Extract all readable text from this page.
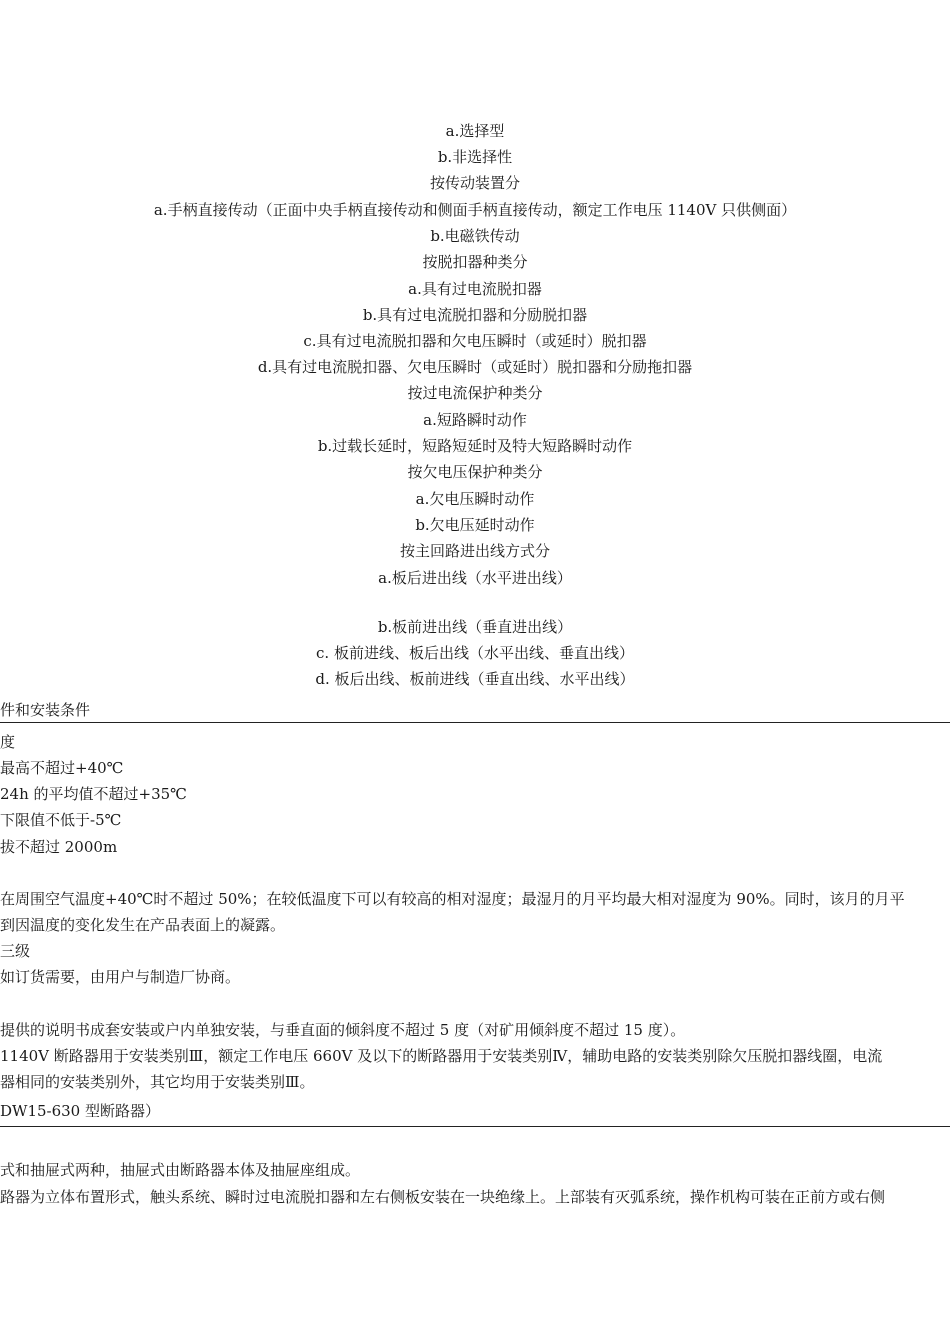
a.选择型
b.非选择性
按传动装置分
a.手柄直接传动（正面中央手柄直接传动和侧面手柄直接传动，额定工作电压 1140V 只供侧面）
b.电磁铁传动
按脱扣器种类分
a.具有过电流脱扣器
b.具有过电流脱扣器和分励脱扣器
c.具有过电流脱扣器和欠电压瞬时（或延时）脱扣器
d.具有过电流脱扣器、欠电压瞬时（或延时）脱扣器和分励拖扣器
按过电流保护种类分
a.短路瞬时动作
b.过载长延时，短路短延时及特大短路瞬时动作
按欠电压保护种类分
a.欠电压瞬时动作
b.欠电压延时动作
按主回路进出线方式分
a.板后进出线（水平进出线）
b.板前进出线（垂直进出线）
c. 板前进线、板后出线（水平出线、垂直出线）
d. 板后出线、板前进线（垂直出线、水平出线）
件和安装条件
度
最高不超过+40℃
24h 的平均值不超过+35℃
下限值不低于-5℃
拔不超过 2000m
在周围空气温度+40℃时不超过 50%；在较低温度下可以有较高的相对湿度；最湿月的月平均最大相对湿度为 90%。同时，该月的月平
到因温度的变化发生在产品表面上的凝露。
三级
如订货需要，由用户与制造厂协商。
提供的说明书成套安装或户内单独安装，与垂直面的倾斜度不超过 5 度（对矿用倾斜度不超过 15 度）。
1140V 断路器用于安装类别Ⅲ，额定工作电压 660V 及以下的断路器用于安装类别Ⅳ，辅助电路的安装类别除欠压脱扣器线圈，电流
器相同的安装类别外，其它均用于安装类别Ⅲ。
DW15-630 型断路器）
式和抽屉式两种，抽屉式由断路器本体及抽屉座组成。
路器为立体布置形式，触头系统、瞬时过电流脱扣器和左右侧板安装在一块绝缘上。上部装有灭弧系统，操作机构可装在正前方或右侧
